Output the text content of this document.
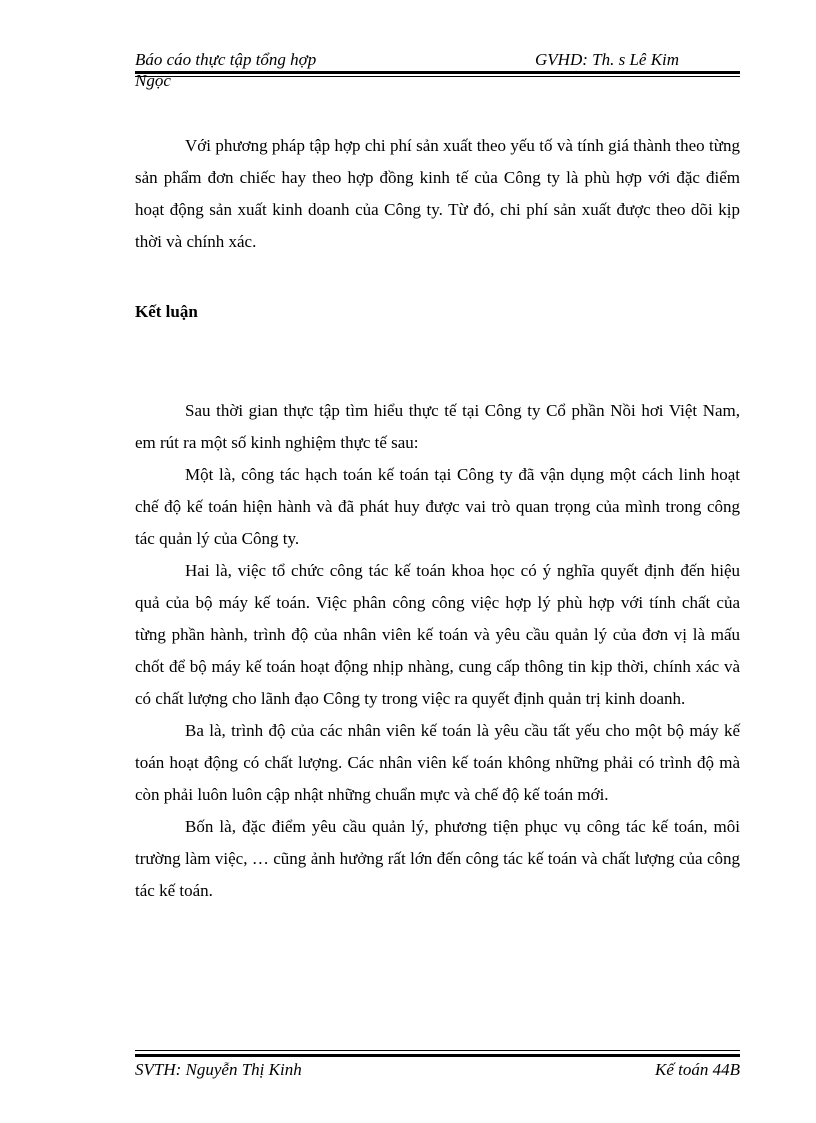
Báo cáo thực tập tổng hợp	GVHD: Th. s Lê Kim
Ngọc

Với phương pháp tập hợp chi phí sản xuất theo yếu tố và tính giá thành theo từng sản phẩm đơn chiếc hay theo hợp đồng kinh tế của Công ty là phù hợp với đặc điểm hoạt động sản xuất kinh doanh của Công ty. Từ đó, chi phí sản xuất được theo dõi kịp thời và chính xác.

Kết luận

Sau thời gian thực tập tìm hiểu thực tế tại Công ty Cổ phần Nồi hơi Việt Nam, em rút ra một số kinh nghiệm thực tế sau:

Một là, công tác hạch toán kế toán tại Công ty đã vận dụng một cách linh hoạt chế độ kế toán hiện hành và đã phát huy được vai trò quan trọng của mình trong công tác quản lý của Công ty.

Hai là, việc tổ chức công tác kế toán khoa học có ý nghĩa quyết định đến hiệu quả của bộ máy kế toán. Việc phân công công việc hợp lý phù hợp với tính chất của từng phần hành, trình độ của nhân viên kế toán và yêu cầu quản lý của đơn vị là mấu chốt để bộ máy kế toán hoạt động nhịp nhàng, cung cấp thông tin kịp thời, chính xác và có chất lượng cho lãnh đạo Công ty trong việc ra quyết định quản trị kinh doanh.

Ba là, trình độ của các nhân viên kế toán là yêu cầu tất yếu cho một bộ máy kế toán hoạt động có chất lượng. Các nhân viên kế toán không những phải có trình độ mà còn phải luôn luôn cập nhật những chuẩn mực và chế độ kế toán mới.

Bốn là, đặc điểm yêu cầu quản lý, phương tiện phục vụ công tác kế toán, môi trường làm việc, … cũng ảnh hưởng rất lớn đến công tác kế toán và chất lượng của công tác kế toán.

SVTH: Nguyễn Thị Kinh	Kế toán 44B
